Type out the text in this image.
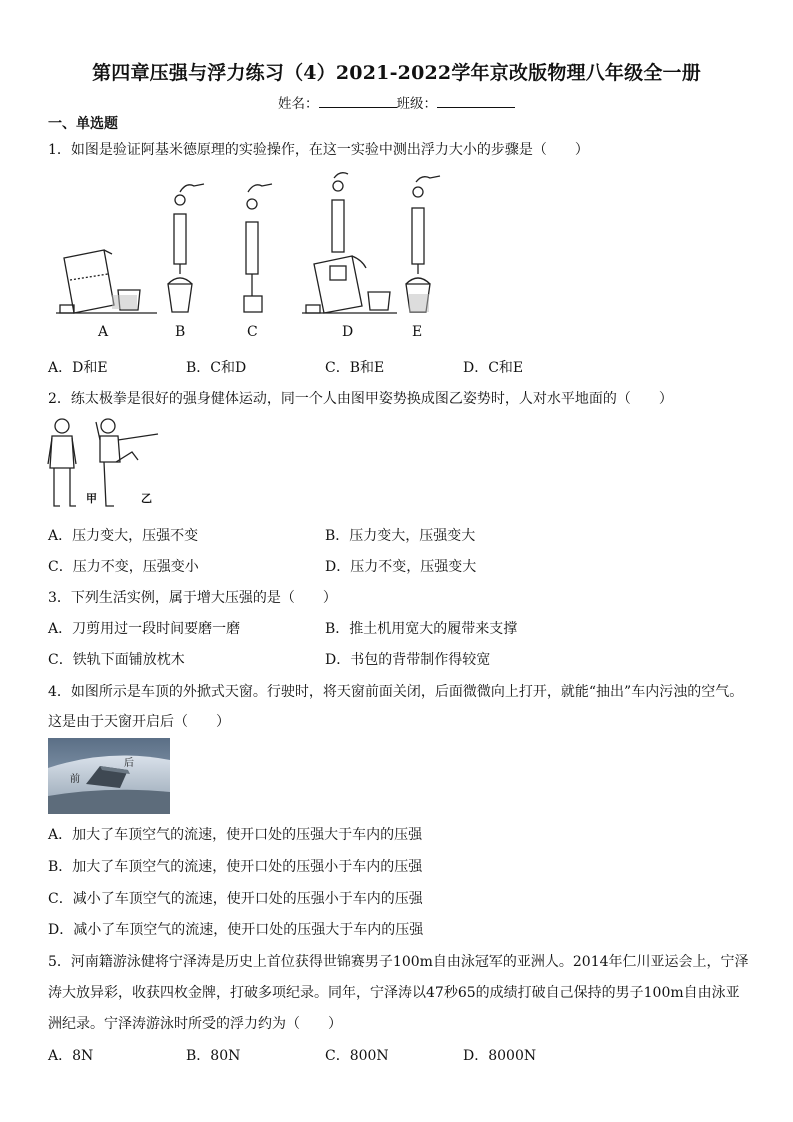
第四章压强与浮力练习（4）2021-2022学年京改版物理八年级全一册
姓名：	班级：
一、单选题
1．如图是验证阿基米德原理的实验操作，在这一实验中测出浮力大小的步骤是（　　）
A	B	C	D	E
A．D和E	B．C和D	C．B和E	D．C和E
2．练太极拳是很好的强身健体运动，同一个人由图甲姿势换成图乙姿势时，人对水平地面的（　　）
甲	乙
A．压力变大，压强不变	B．压力变大，压强变大
C．压力不变，压强变小	D．压力不变，压强变大
3．下列生活实例，属于增大压强的是（　　）
A．刀剪用过一段时间要磨一磨	B．推土机用宽大的履带来支撑
C．铁轨下面铺放枕木	D．书包的背带制作得较宽
4．如图所示是车顶的外掀式天窗。行驶时，将天窗前面关闭，后面微微向上打开，就能“抽出”车内污浊的空气。
这是由于天窗开启后（　　）
前
后
A．加大了车顶空气的流速，使开口处的压强大于车内的压强
B．加大了车顶空气的流速，使开口处的压强小于车内的压强
C．减小了车顶空气的流速，使开口处的压强小于车内的压强
D．减小了车顶空气的流速，使开口处的压强大于车内的压强
5．河南籍游泳健将宁泽涛是历史上首位获得世锦赛男子100m自由泳冠军的亚洲人。2014年仁川亚运会上，宁泽
涛大放异彩，收获四枚金牌，打破多项纪录。同年，宁泽涛以47秒65的成绩打破自己保持的男子100m自由泳亚
洲纪录。宁泽涛游泳时所受的浮力约为（　　）
A．8N	B．80N	C．800N	D．8000N
